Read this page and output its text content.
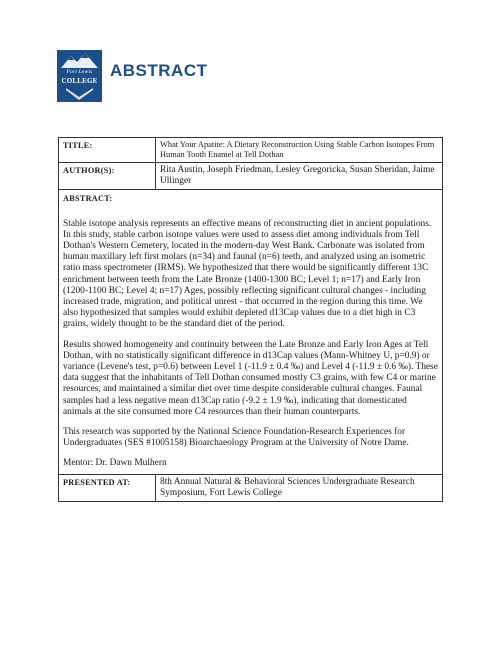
Fort Lewis
COLLEGE
ABSTRACT
TITLE:	What Your Apatite: A Dietary Reconstruction Using Stable Carbon Isotopes From Human Tooth Enamel at Tell Dothan
AUTHOR(S):	Rita Austin, Joseph Friedman, Lesley Gregoricka, Susan Sheridan, Jaime Ullinger

ABSTRACT:

Stable isotope analysis represents an effective means of reconstructing diet in ancient populations. In this study, stable carbon isotope values were used to assess diet among individuals from Tell Dothan's Western Cemetery, located in the modern-day West Bank. Carbonate was isolated from human maxillary left first molars (n=34) and faunal (n=6) teeth, and analyzed using an isometric ratio mass spectrometer (IRMS). We hypothesized that there would be significantly different 13C enrichment between teeth from the Late Bronze (1400-1300 BC; Level 1; n=17) and Early Iron (1200-1100 BC; Level 4; n=17) Ages, possibly reflecting significant cultural changes - including increased trade, migration, and political unrest - that occurred in the region during this time. We also hypothesized that samples would exhibit depleted d13Cap values due to a diet high in C3 grains, widely thought to be the standard diet of the period.

Results showed homogeneity and continuity between the Late Bronze and Early Iron Ages at Tell Dothan, with no statistically significant difference in d13Cap values (Mann-Whitney U, p=0.9) or variance (Levene's test, p=0.6) between Level 1 (-11.9 ± 0.4 ‰) and Level 4 (-11.9 ± 0.6 ‰). These data suggest that the inhabitants of Tell Dothan consumed mostly C3 grains, with few C4 or marine resources, and maintained a similar diet over time despite considerable cultural changes. Faunal samples had a less negative mean d13Cap ratio (-9.2 ± 1.9 ‰), indicating that domesticated animals at the site consumed more C4 resources than their human counterparts.

This research was supported by the National Science Foundation-Research Experiences for Undergraduates (SES #1005158) Bioarchaeology Program at the University of Notre Dame.

Mentor: Dr. Dawn Mulhern	

PRESENTED AT:	8th Annual Natural & Behavioral Sciences Undergraduate Research Symposium, Fort Lewis College
